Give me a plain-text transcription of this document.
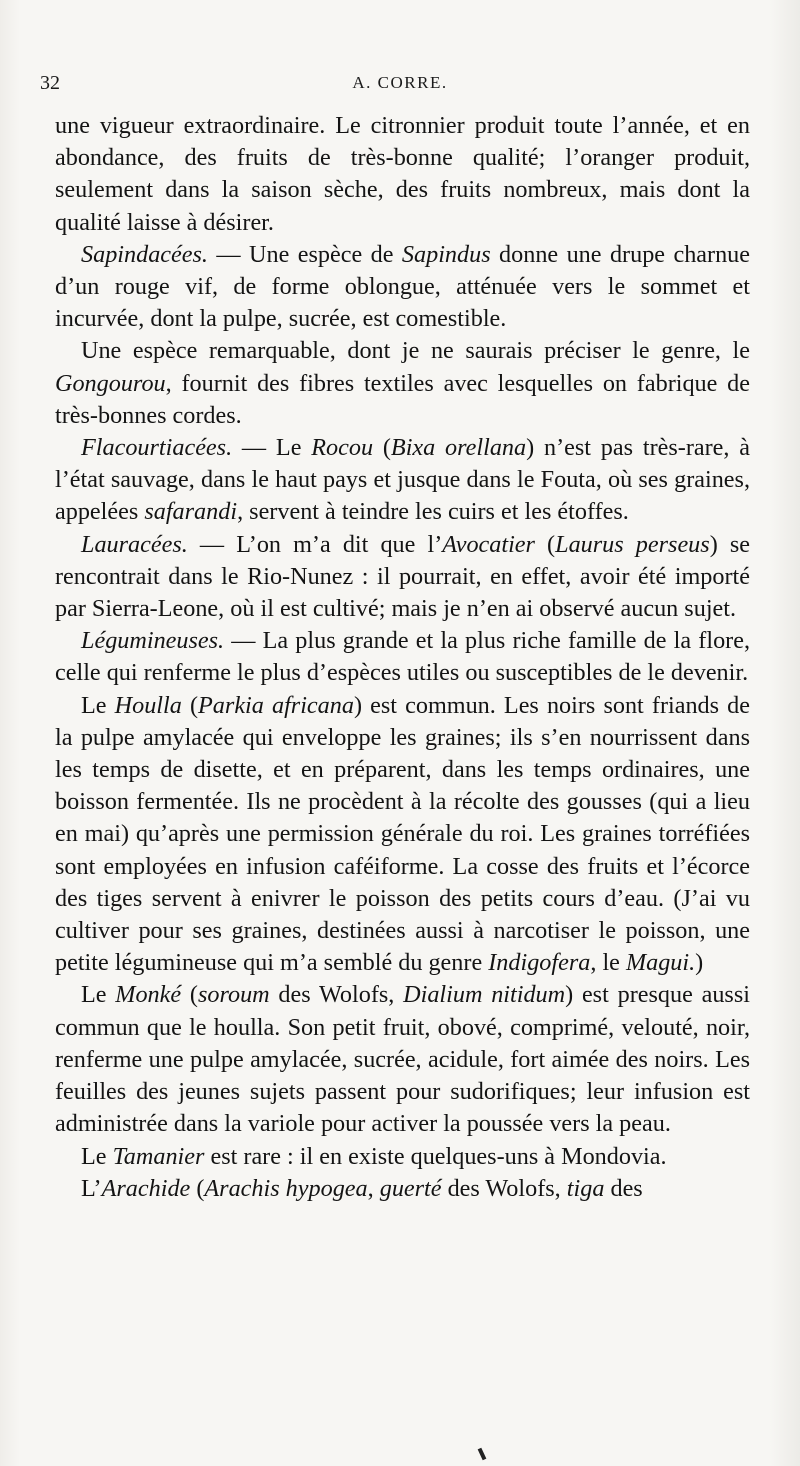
32	A. CORRE.

une vigueur extraordinaire. Le citronnier produit toute l’année, et en abondance, des fruits de très-bonne qualité; l’oranger produit, seulement dans la saison sèche, des fruits nombreux, mais dont la qualité laisse à désirer.

Sapindacées. — Une espèce de Sapindus donne une drupe charnue d’un rouge vif, de forme oblongue, atténuée vers le sommet et incurvée, dont la pulpe, sucrée, est comestible.

Une espèce remarquable, dont je ne saurais préciser le genre, le Gongourou, fournit des fibres textiles avec lesquelles on fabrique de très-bonnes cordes.

Flacourtiacées. — Le Rocou (Bixa orellana) n’est pas très-rare, à l’état sauvage, dans le haut pays et jusque dans le Fouta, où ses graines, appelées safarandi, servent à teindre les cuirs et les étoffes.

Lauracées. — L’on m’a dit que l’Avocatier (Laurus perseus) se rencontrait dans le Rio-Nunez : il pourrait, en effet, avoir été importé par Sierra-Leone, où il est cultivé; mais je n’en ai observé aucun sujet.

Légumineuses. — La plus grande et la plus riche famille de la flore, celle qui renferme le plus d’espèces utiles ou susceptibles de le devenir.

Le Houlla (Parkia africana) est commun. Les noirs sont friands de la pulpe amylacée qui enveloppe les graines; ils s’en nourrissent dans les temps de disette, et en préparent, dans les temps ordinaires, une boisson fermentée. Ils ne procèdent à la récolte des gousses (qui a lieu en mai) qu’après une permission générale du roi. Les graines torréfiées sont employées en infusion caféiforme. La cosse des fruits et l’écorce des tiges servent à enivrer le poisson des petits cours d’eau. (J’ai vu cultiver pour ses graines, destinées aussi à narcotiser le poisson, une petite légumineuse qui m’a semblé du genre Indigofera, le Magui.)

Le Monké (soroum des Wolofs, Dialium nitidum) est presque aussi commun que le houlla. Son petit fruit, obové, comprimé, velouté, noir, renferme une pulpe amylacée, sucrée, acidule, fort aimée des noirs. Les feuilles des jeunes sujets passent pour sudorifiques; leur infusion est administrée dans la variole pour activer la poussée vers la peau.

Le Tamanier est rare : il en existe quelques-uns à Mondovia.

L’Arachide (Arachis hypogea, guerté des Wolofs, tiga des
